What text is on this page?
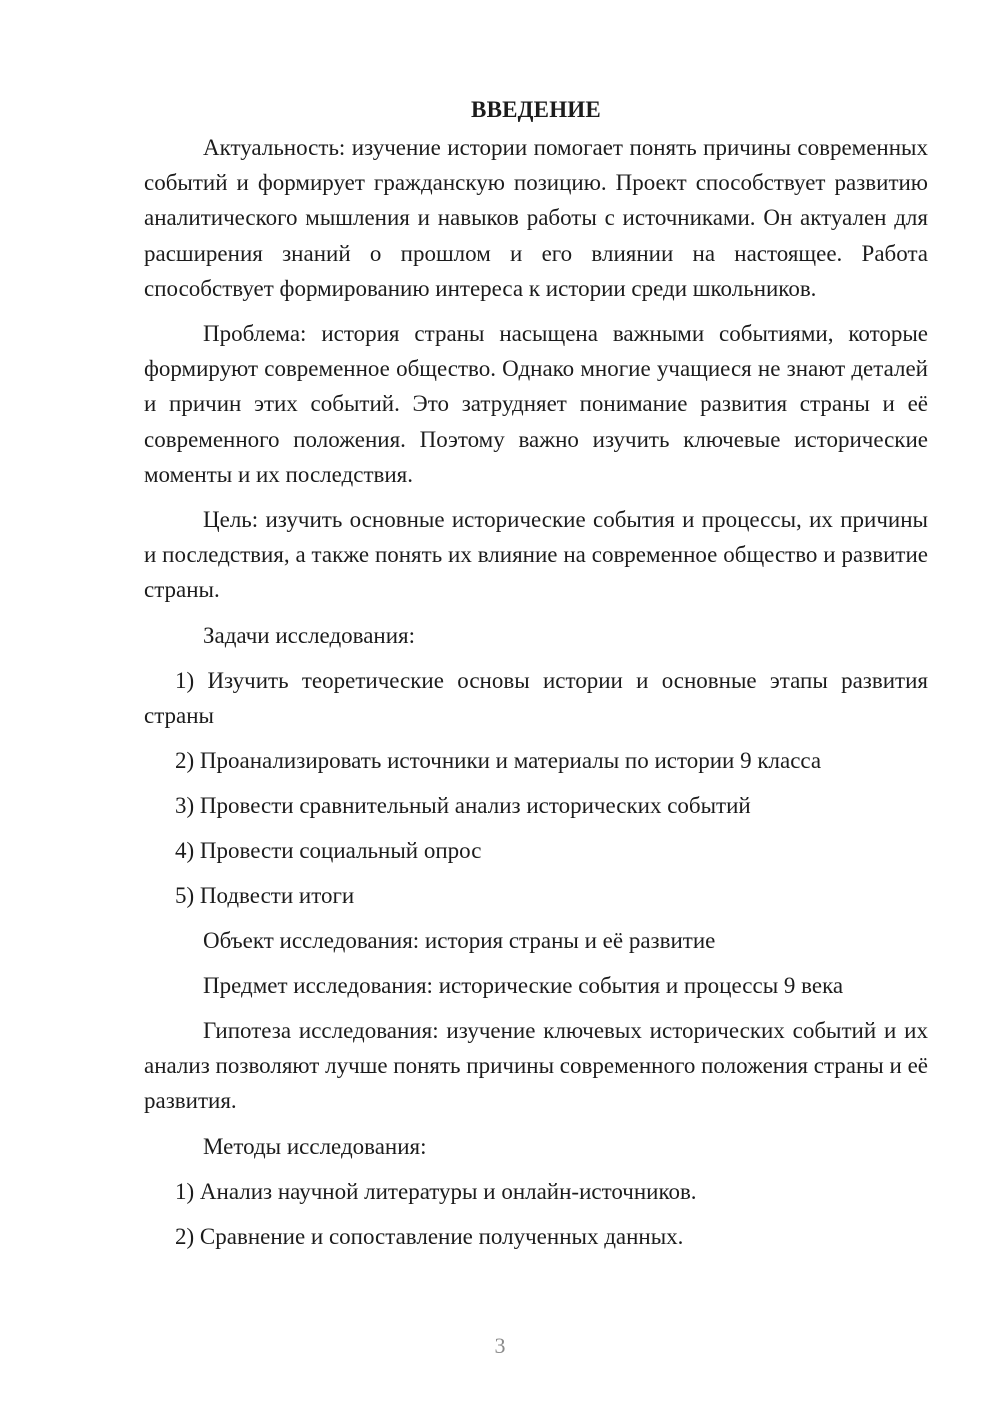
ВВЕДЕНИЕ

Актуальность: изучение истории помогает понять причины современных событий и формирует гражданскую позицию. Проект способствует развитию аналитического мышления и навыков работы с источниками. Он актуален для расширения знаний о прошлом и его влиянии на настоящее. Работа способствует формированию интереса к истории среди школьников.

Проблема: история страны насыщена важными событиями, которые формируют современное общество. Однако многие учащиеся не знают деталей и причин этих событий. Это затрудняет понимание развития страны и её современного положения. Поэтому важно изучить ключевые исторические моменты и их последствия.

Цель: изучить основные исторические события и процессы, их причины и последствия, а также понять их влияние на современное общество и развитие страны.

Задачи исследования:

1) Изучить теоретические основы истории и основные этапы развития страны

2) Проанализировать источники и материалы по истории 9 класса
3) Провести сравнительный анализ исторических событий
4) Провести социальный опрос
5) Подвести итоги
Объект исследования: история страны и её развитие
Предмет исследования: исторические события и процессы 9 века

Гипотеза исследования: изучение ключевых исторических событий и их анализ позволяют лучше понять причины современного положения страны и её развития.

Методы исследования:
1) Анализ научной литературы и онлайн-источников.
2) Сравнение и сопоставление полученных данных.
3
